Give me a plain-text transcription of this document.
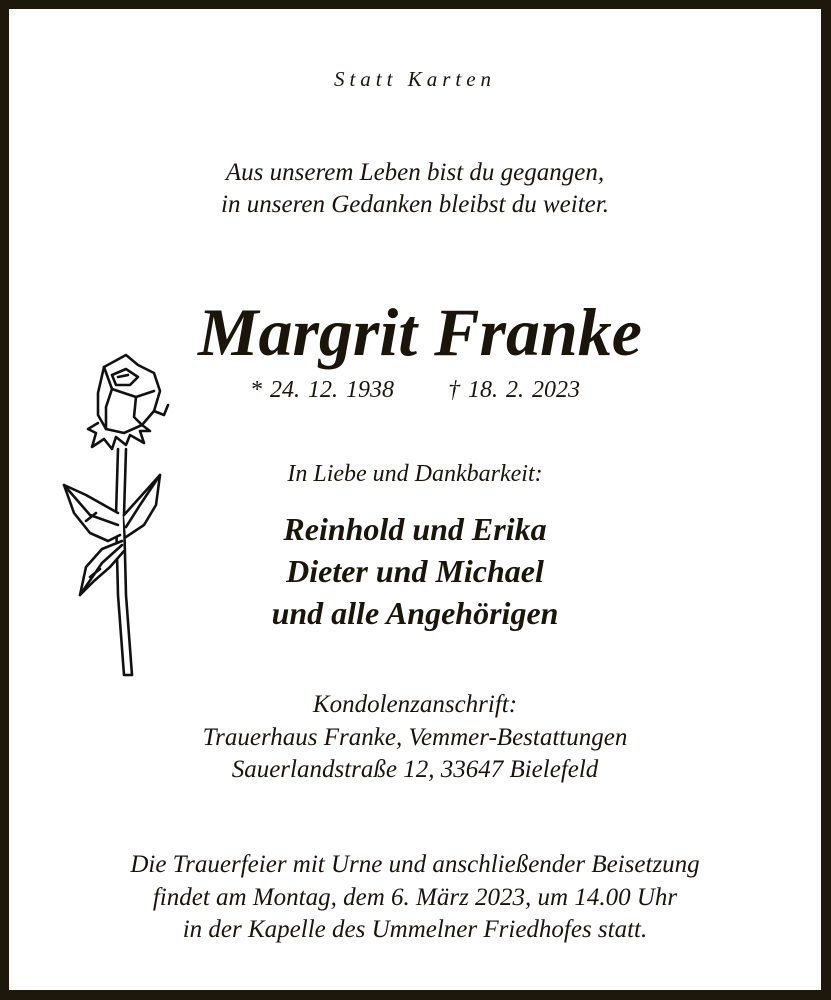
Statt Karten
Aus unserem Leben bist du gegangen,
in unseren Gedanken bleibst du weiter.
Margrit Franke
* 24. 12. 1938 † 18. 2. 2023
In Liebe und Dankbarkeit:
Reinhold und Erika
Dieter und Michael
und alle Angehörigen
Kondolenzanschrift:
Trauerhaus Franke, Vemmer-Bestattungen
Sauerlandstraße 12, 33647 Bielefeld
Die Trauerfeier mit Urne und anschließender Beisetzung
findet am Montag, dem 6. März 2023, um 14.00 Uhr
in der Kapelle des Ummelner Friedhofes statt.
